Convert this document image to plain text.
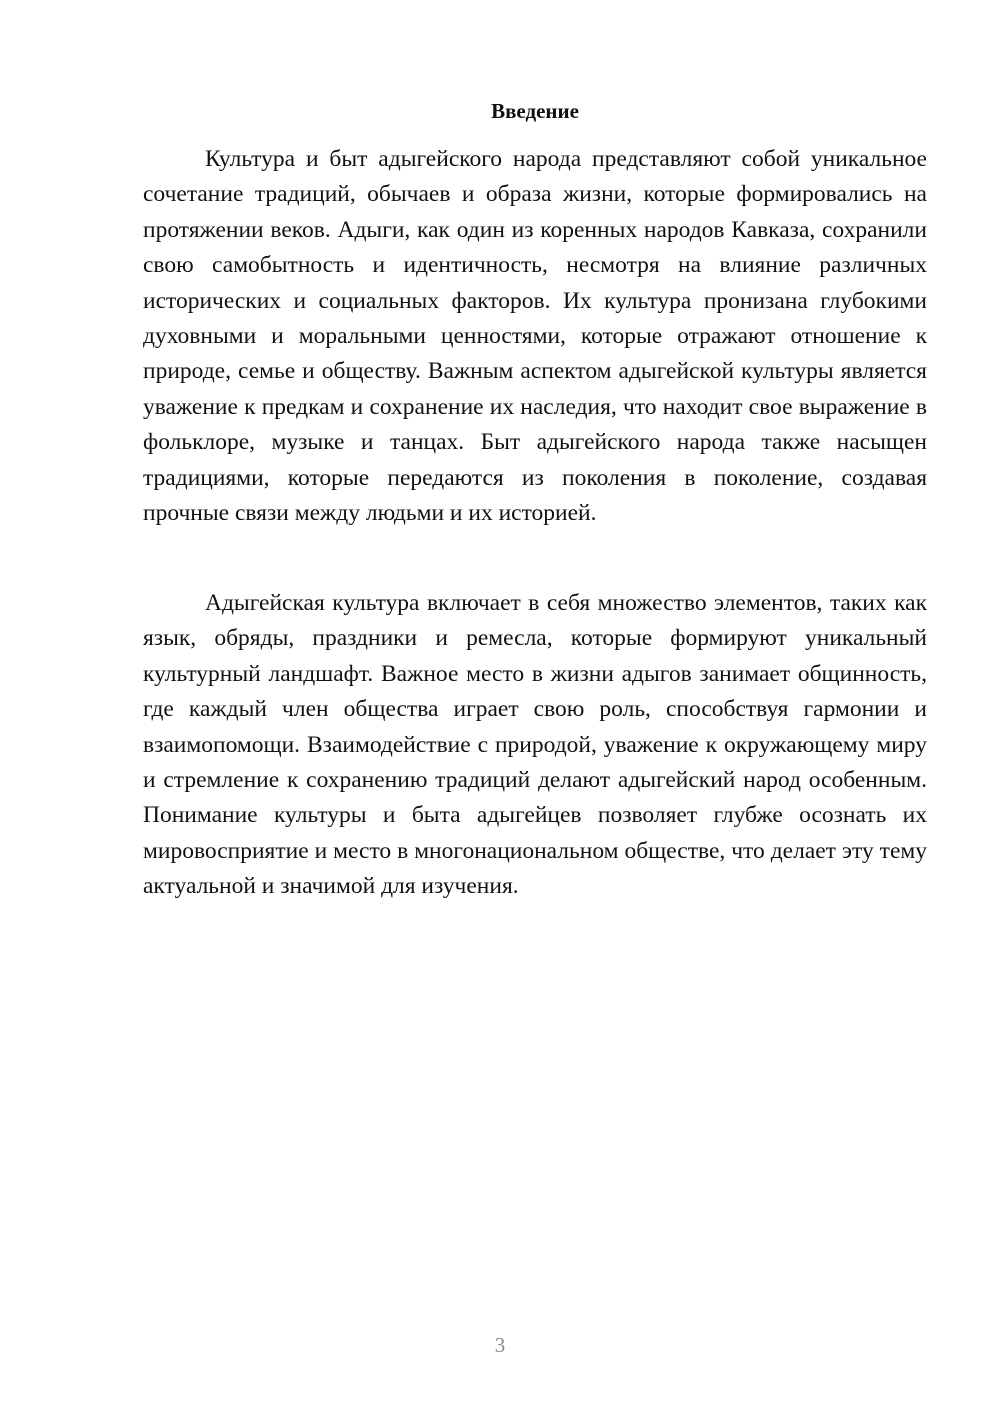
Введение

Культура и быт адыгейского народа представляют собой уникальное сочетание традиций, обычаев и образа жизни, которые формировались на протяжении веков. Адыги, как один из коренных народов Кавказа, сохранили свою самобытность и идентичность, несмотря на влияние различных исторических и социальных факторов. Их культура пронизана глубокими духовными и моральными ценностями, которые отражают отношение к природе, семье и обществу. Важным аспектом адыгейской культуры является уважение к предкам и сохранение их наследия, что находит свое выражение в фольклоре, музыке и танцах. Быт адыгейского народа также насыщен традициями, которые передаются из поколения в поколение, создавая прочные связи между людьми и их историей.

Адыгейская культура включает в себя множество элементов, таких как язык, обряды, праздники и ремесла, которые формируют уникальный культурный ландшафт. Важное место в жизни адыгов занимает общинность, где каждый член общества играет свою роль, способствуя гармонии и взаимопомощи. Взаимодействие с природой, уважение к окружающему миру и стремление к сохранению традиций делают адыгейский народ особенным. Понимание культуры и быта адыгейцев позволяет глубже осознать их мировосприятие и место в многонациональном обществе, что делает эту тему актуальной и значимой для изучения.

3
